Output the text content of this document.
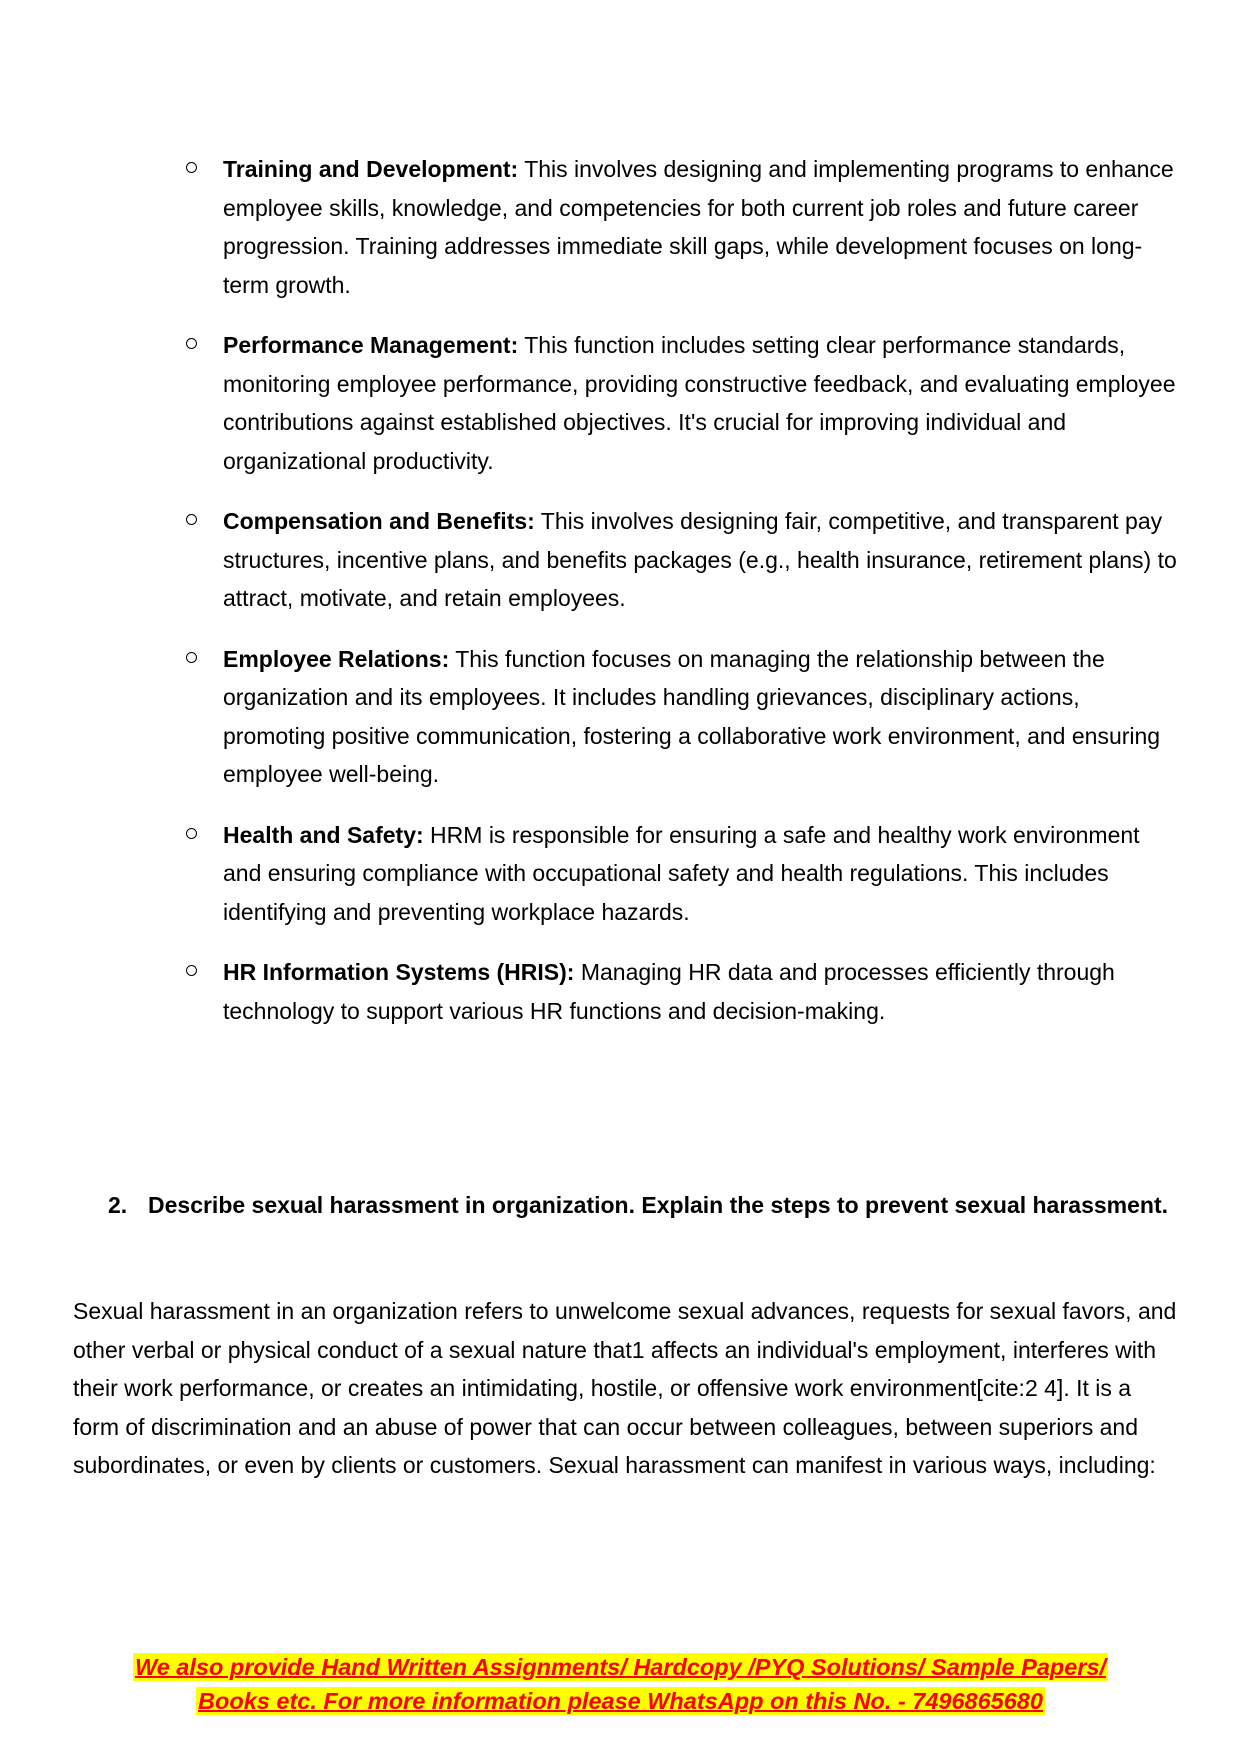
Training and Development: This involves designing and implementing programs to enhance employee skills, knowledge, and competencies for both current job roles and future career progression. Training addresses immediate skill gaps, while development focuses on long-term growth.
Performance Management: This function includes setting clear performance standards, monitoring employee performance, providing constructive feedback, and evaluating employee contributions against established objectives. It's crucial for improving individual and organizational productivity.
Compensation and Benefits: This involves designing fair, competitive, and transparent pay structures, incentive plans, and benefits packages (e.g., health insurance, retirement plans) to attract, motivate, and retain employees.
Employee Relations: This function focuses on managing the relationship between the organization and its employees. It includes handling grievances, disciplinary actions, promoting positive communication, fostering a collaborative work environment, and ensuring employee well-being.
Health and Safety: HRM is responsible for ensuring a safe and healthy work environment and ensuring compliance with occupational safety and health regulations. This includes identifying and preventing workplace hazards.
HR Information Systems (HRIS): Managing HR data and processes efficiently through technology to support various HR functions and decision-making.
2. Describe sexual harassment in organization. Explain the steps to prevent sexual harassment.
Sexual harassment in an organization refers to unwelcome sexual advances, requests for sexual favors, and other verbal or physical conduct of a sexual nature that1 affects an individual's employment, interferes with their work performance, or creates an intimidating, hostile, or offensive work environment[cite:2 4]. It is a form of discrimination and an abuse of power that can occur between colleagues, between superiors and subordinates, or even by clients or customers. Sexual harassment can manifest in various ways, including:
We also provide Hand Written Assignments/ Hardcopy /PYQ Solutions/ Sample Papers/
Books etc. For more information please WhatsApp on this No. - 7496865680
